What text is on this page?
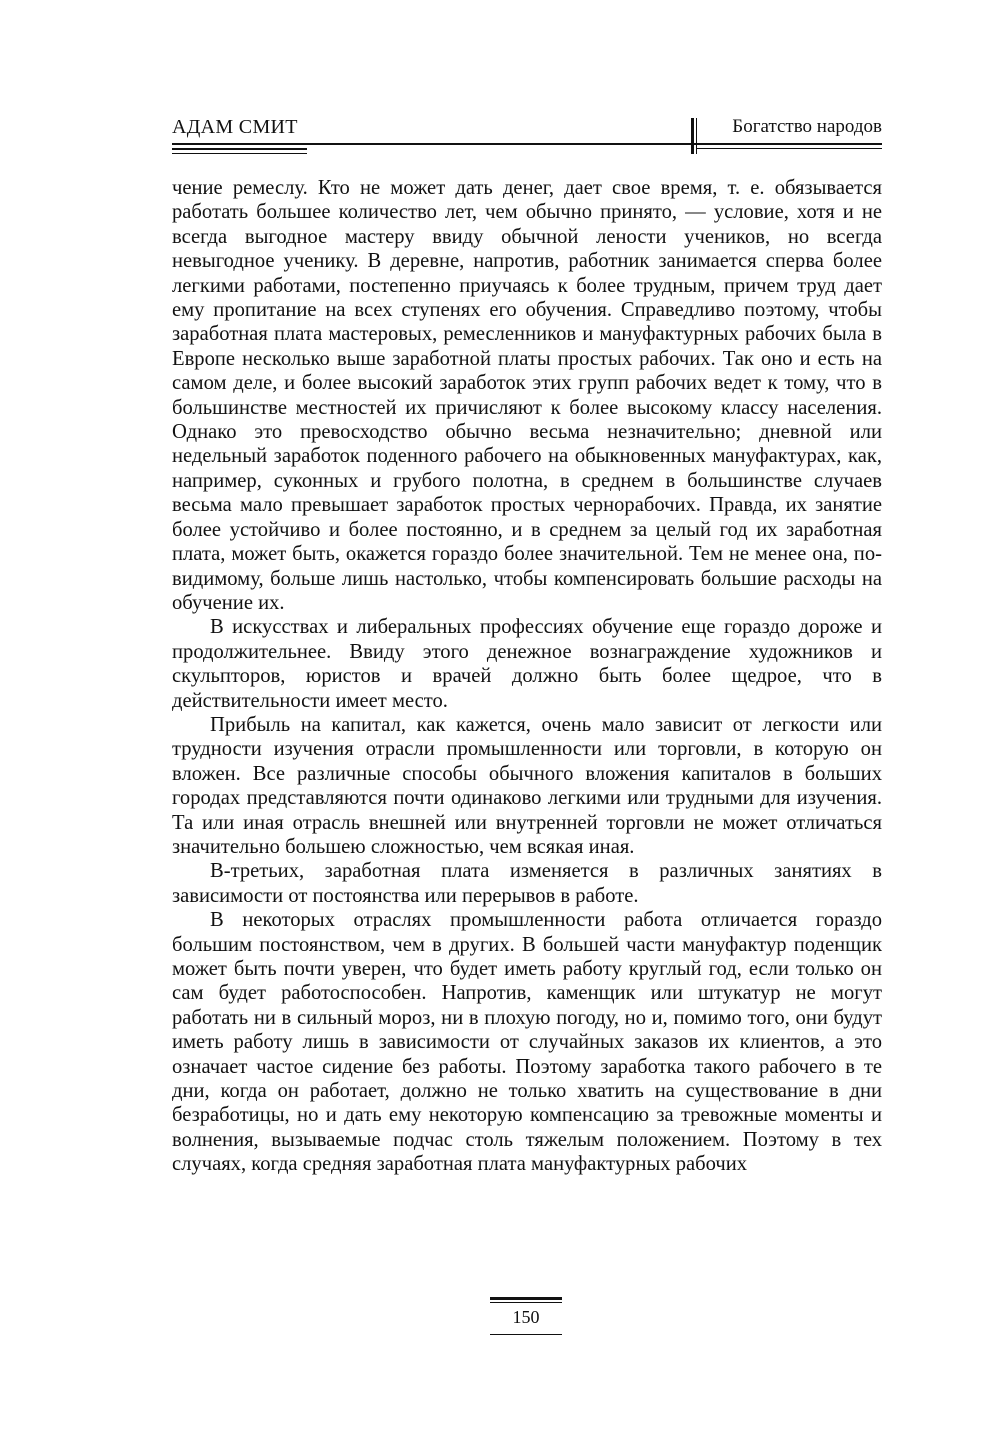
АДАМ СМИТ	Богатство народов

чение ремеслу. Кто не может дать денег, дает свое время, т. е. обязывается работать большее количество лет, чем обычно принято, — условие, хотя и не всегда выгодное мастеру ввиду обычной лености учеников, но всегда невыгодное ученику. В деревне, напротив, работник занимается сперва более легкими работами, постепенно приучаясь к более трудным, причем труд дает ему пропитание на всех ступенях его обучения. Справедливо поэтому, чтобы заработная плата мастеровых, ремесленников и мануфактурных рабочих была в Европе несколько выше заработной платы простых рабочих. Так оно и есть на самом деле, и более высокий заработок этих групп рабочих ведет к тому, что в большинстве местностей их причисляют к более высокому классу населения. Однако это превосходство обычно весьма незначительно; дневной или недельный заработок поденного рабочего на обыкновенных мануфактурах, как, например, суконных и грубого полотна, в среднем в большинстве случаев весьма мало превышает заработок простых чернорабочих. Правда, их занятие более устойчиво и более постоянно, и в среднем за целый год их заработная плата, может быть, окажется гораздо более значительной. Тем не менее она, по-видимому, больше лишь настолько, чтобы компенсировать большие расходы на обучение их.

В искусствах и либеральных профессиях обучение еще гораздо дороже и продолжительнее. Ввиду этого денежное вознаграждение художников и скульпторов, юристов и врачей должно быть более щедрое, что в действительности имеет место.

Прибыль на капитал, как кажется, очень мало зависит от легкости или трудности изучения отрасли промышленности или торговли, в которую он вложен. Все различные способы обычного вложения капиталов в больших городах представляются почти одинаково легкими или трудными для изучения. Та или иная отрасль внешней или внутренней торговли не может отличаться значительно большею сложностью, чем всякая иная.

В-третьих, заработная плата изменяется в различных занятиях в зависимости от постоянства или перерывов в работе.

В некоторых отраслях промышленности работа отличается гораздо большим постоянством, чем в других. В большей части мануфактур поденщик может быть почти уверен, что будет иметь работу круглый год, если только он сам будет работоспособен. Напротив, каменщик или штукатур не могут работать ни в сильный мороз, ни в плохую погоду, но и, помимо того, они будут иметь работу лишь в зависимости от случайных заказов их клиентов, а это означает частое сидение без работы. Поэтому заработка такого рабочего в те дни, когда он работает, должно не только хватить на существование в дни безработицы, но и дать ему некоторую компенсацию за тревожные моменты и волнения, вызываемые подчас столь тяжелым положением. Поэтому в тех случаях, когда средняя заработная плата мануфактурных рабочих

150
